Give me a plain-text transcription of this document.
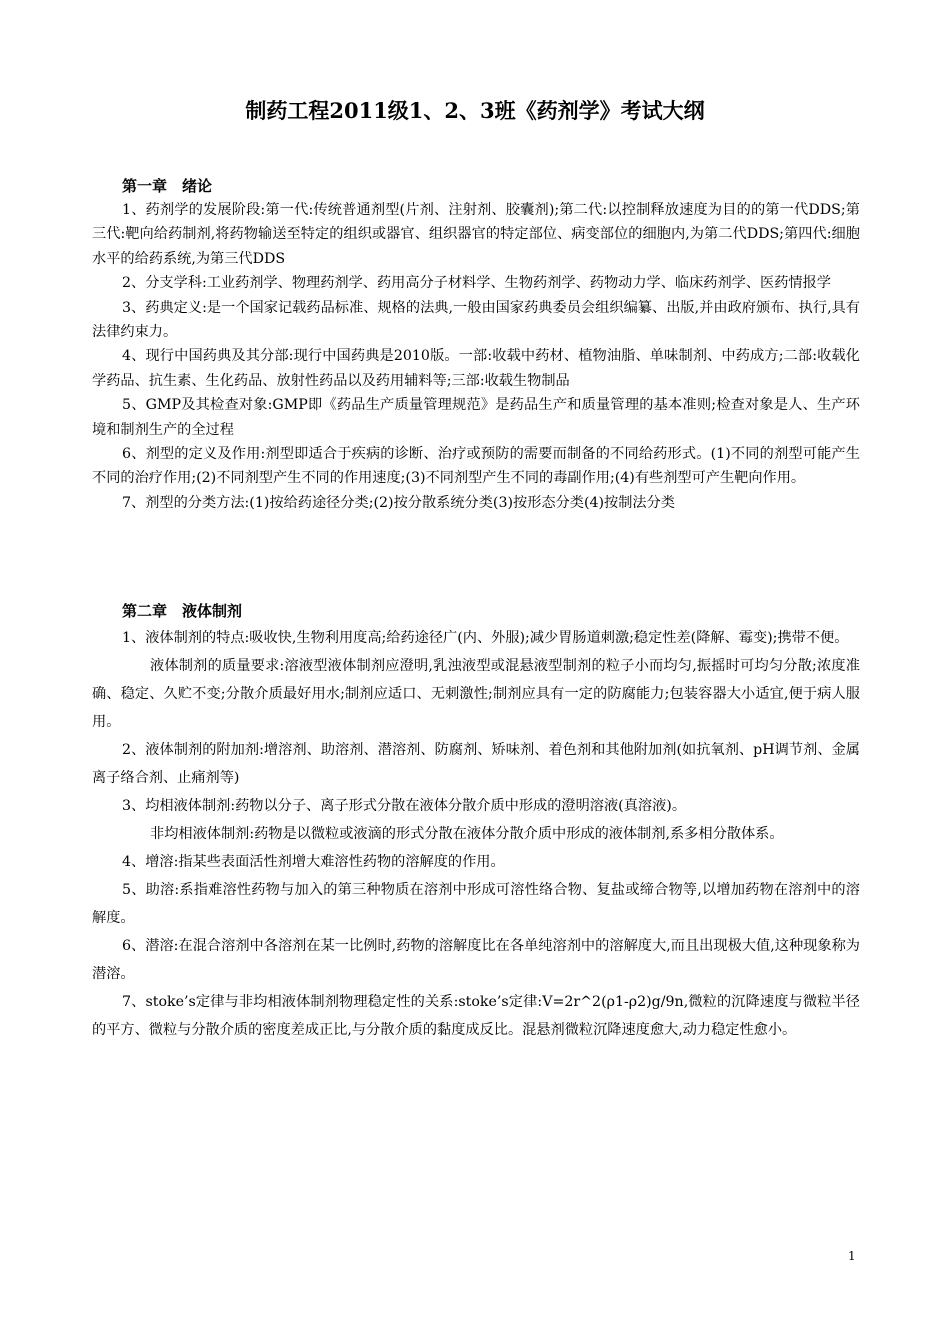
制药工程2011级1、2、3班《药剂学》考试大纲

第一章　绪论

1、药剂学的发展阶段:第一代:传统普通剂型(片剂、注射剂、胶囊剂);第二代:以控制释放速度为目的的第一代DDS;第三代:靶向给药制剂,将药物输送至特定的组织或器官、组织器官的特定部位、病变部位的细胞内,为第二代DDS;第四代:细胞水平的给药系统,为第三代DDS

2、分支学科:工业药剂学、物理药剂学、药用高分子材料学、生物药剂学、药物动力学、临床药剂学、医药情报学

3、药典定义:是一个国家记载药品标准、规格的法典,一般由国家药典委员会组织编纂、出版,并由政府颁布、执行,具有法律约束力。

4、现行中国药典及其分部:现行中国药典是2010版。一部:收载中药材、植物油脂、单味制剂、中药成方;二部:收载化学药品、抗生素、生化药品、放射性药品以及药用辅料等;三部:收载生物制品

5、GMP及其检查对象:GMP即《药品生产质量管理规范》是药品生产和质量管理的基本准则;检查对象是人、生产环境和制剂生产的全过程

6、剂型的定义及作用:剂型即适合于疾病的诊断、治疗或预防的需要而制备的不同给药形式。(1)不同的剂型可能产生不同的治疗作用;(2)不同剂型产生不同的作用速度;(3)不同剂型产生不同的毒副作用;(4)有些剂型可产生靶向作用。

7、剂型的分类方法:(1)按给药途径分类;(2)按分散系统分类(3)按形态分类(4)按制法分类

第二章　液体制剂

1、液体制剂的特点:吸收快,生物利用度高;给药途径广(内、外服);减少胃肠道刺激;稳定性差(降解、霉变);携带不便。

液体制剂的质量要求:溶液型液体制剂应澄明,乳浊液型或混悬液型制剂的粒子小而均匀,振摇时可均匀分散;浓度准确、稳定、久贮不变;分散介质最好用水;制剂应适口、无刺激性;制剂应具有一定的防腐能力;包装容器大小适宜,便于病人服用。

2、液体制剂的附加剂:增溶剂、助溶剂、潜溶剂、防腐剂、矫味剂、着色剂和其他附加剂(如抗氧剂、pH调节剂、金属离子络合剂、止痛剂等)

3、均相液体制剂:药物以分子、离子形式分散在液体分散介质中形成的澄明溶液(真溶液)。

非均相液体制剂:药物是以微粒或液滴的形式分散在液体分散介质中形成的液体制剂,系多相分散体系。

4、增溶:指某些表面活性剂增大难溶性药物的溶解度的作用。

5、助溶:系指难溶性药物与加入的第三种物质在溶剂中形成可溶性络合物、复盐或缔合物等,以增加药物在溶剂中的溶解度。

6、潜溶:在混合溶剂中各溶剂在某一比例时,药物的溶解度比在各单纯溶剂中的溶解度大,而且出现极大值,这种现象称为潜溶。

7、stoke’s定律与非均相液体制剂物理稳定性的关系:stoke’s定律:V=2r^2(ρ1-ρ2)g/9n,微粒的沉降速度与微粒半径的平方、微粒与分散介质的密度差成正比,与分散介质的黏度成反比。混悬剂微粒沉降速度愈大,动力稳定性愈小。

1
